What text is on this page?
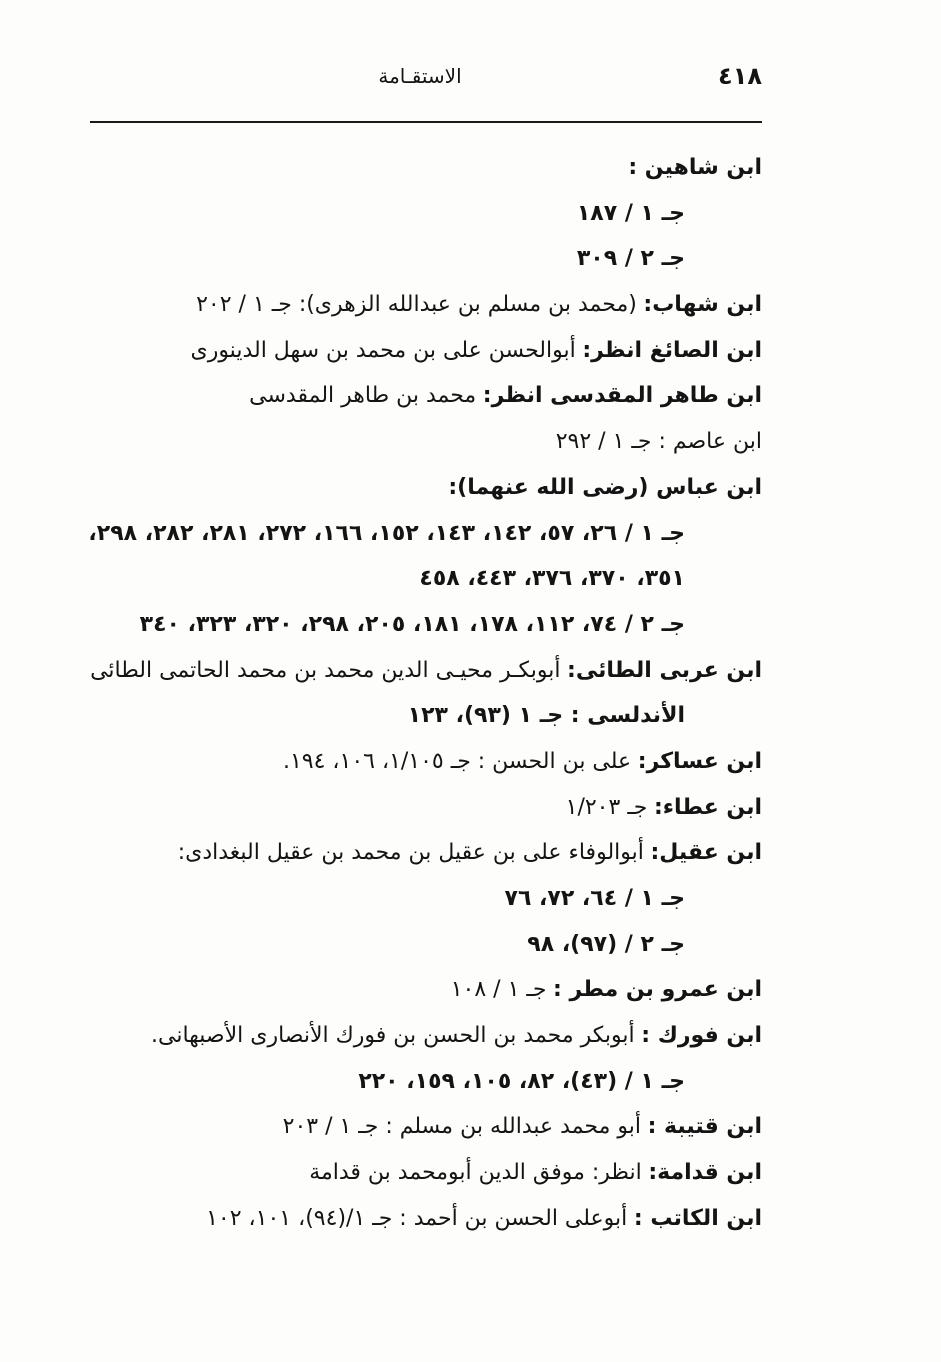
٤١٨
الاستقـامة
ابن شاهين :
جـ ١ / ١٨٧
جـ ٢ / ٣٠٩
ابن شهاب:(محمد بن مسلم بن عبدالله الزهرى): جـ ١ / ٢٠٢
ابن الصائغ انظر:أبوالحسن على بن محمد بن سهل الدينورى
ابن طاهر المقدسى انظر:محمد بن طاهر المقدسى
ابن عاصم : جـ ١ / ٢٩٢
ابن عباس (رضى الله عنهما):
جـ ١ / ٢٦، ٥٧، ١٤٢، ١٤٣، ١٥٢، ١٦٦، ٢٧٢، ٢٨١، ٢٨٢، ٢٩٨،
٣٥١، ٣٧٠، ٣٧٦، ٤٤٣، ٤٥٨
جـ ٢ / ٧٤، ١١٢، ١٧٨، ١٨١، ٢٠٥، ٢٩٨، ٣٢٠، ٣٢٣، ٣٤٠
ابن عربى الطائى:أبوبكـر محيـى الدين محمد بن محمد الحاتمى الطائى
الأندلسى : جـ ١ (٩٣)، ١٢٣
ابن عساكر:على بن الحسن : جـ ١/١٠٥، ١٠٦، ١٩٤.
ابن عطاء:جـ ١/٢٠٣
ابن عقيل:أبوالوفاء على بن عقيل بن محمد بن عقيل البغدادى:
جـ ١ / ٦٤، ٧٢، ٧٦
جـ ٢ / (٩٧)، ٩٨
ابن عمرو بن مطر :جـ ١ / ١٠٨
ابن فورك :أبوبكر محمد بن الحسن بن فورك الأنصارى الأصبهانى.
جـ ١ / (٤٣)، ٨٢، ١٠٥، ١٥٩، ٢٢٠
ابن قتيبة :أبو محمد عبدالله بن مسلم : جـ ١ / ٢٠٣
ابن قدامة:انظر: موفق الدين أبومحمد بن قدامة
ابن الكاتب :أبوعلى الحسن بن أحمد : جـ ١/(٩٤)، ١٠١، ١٠٢
